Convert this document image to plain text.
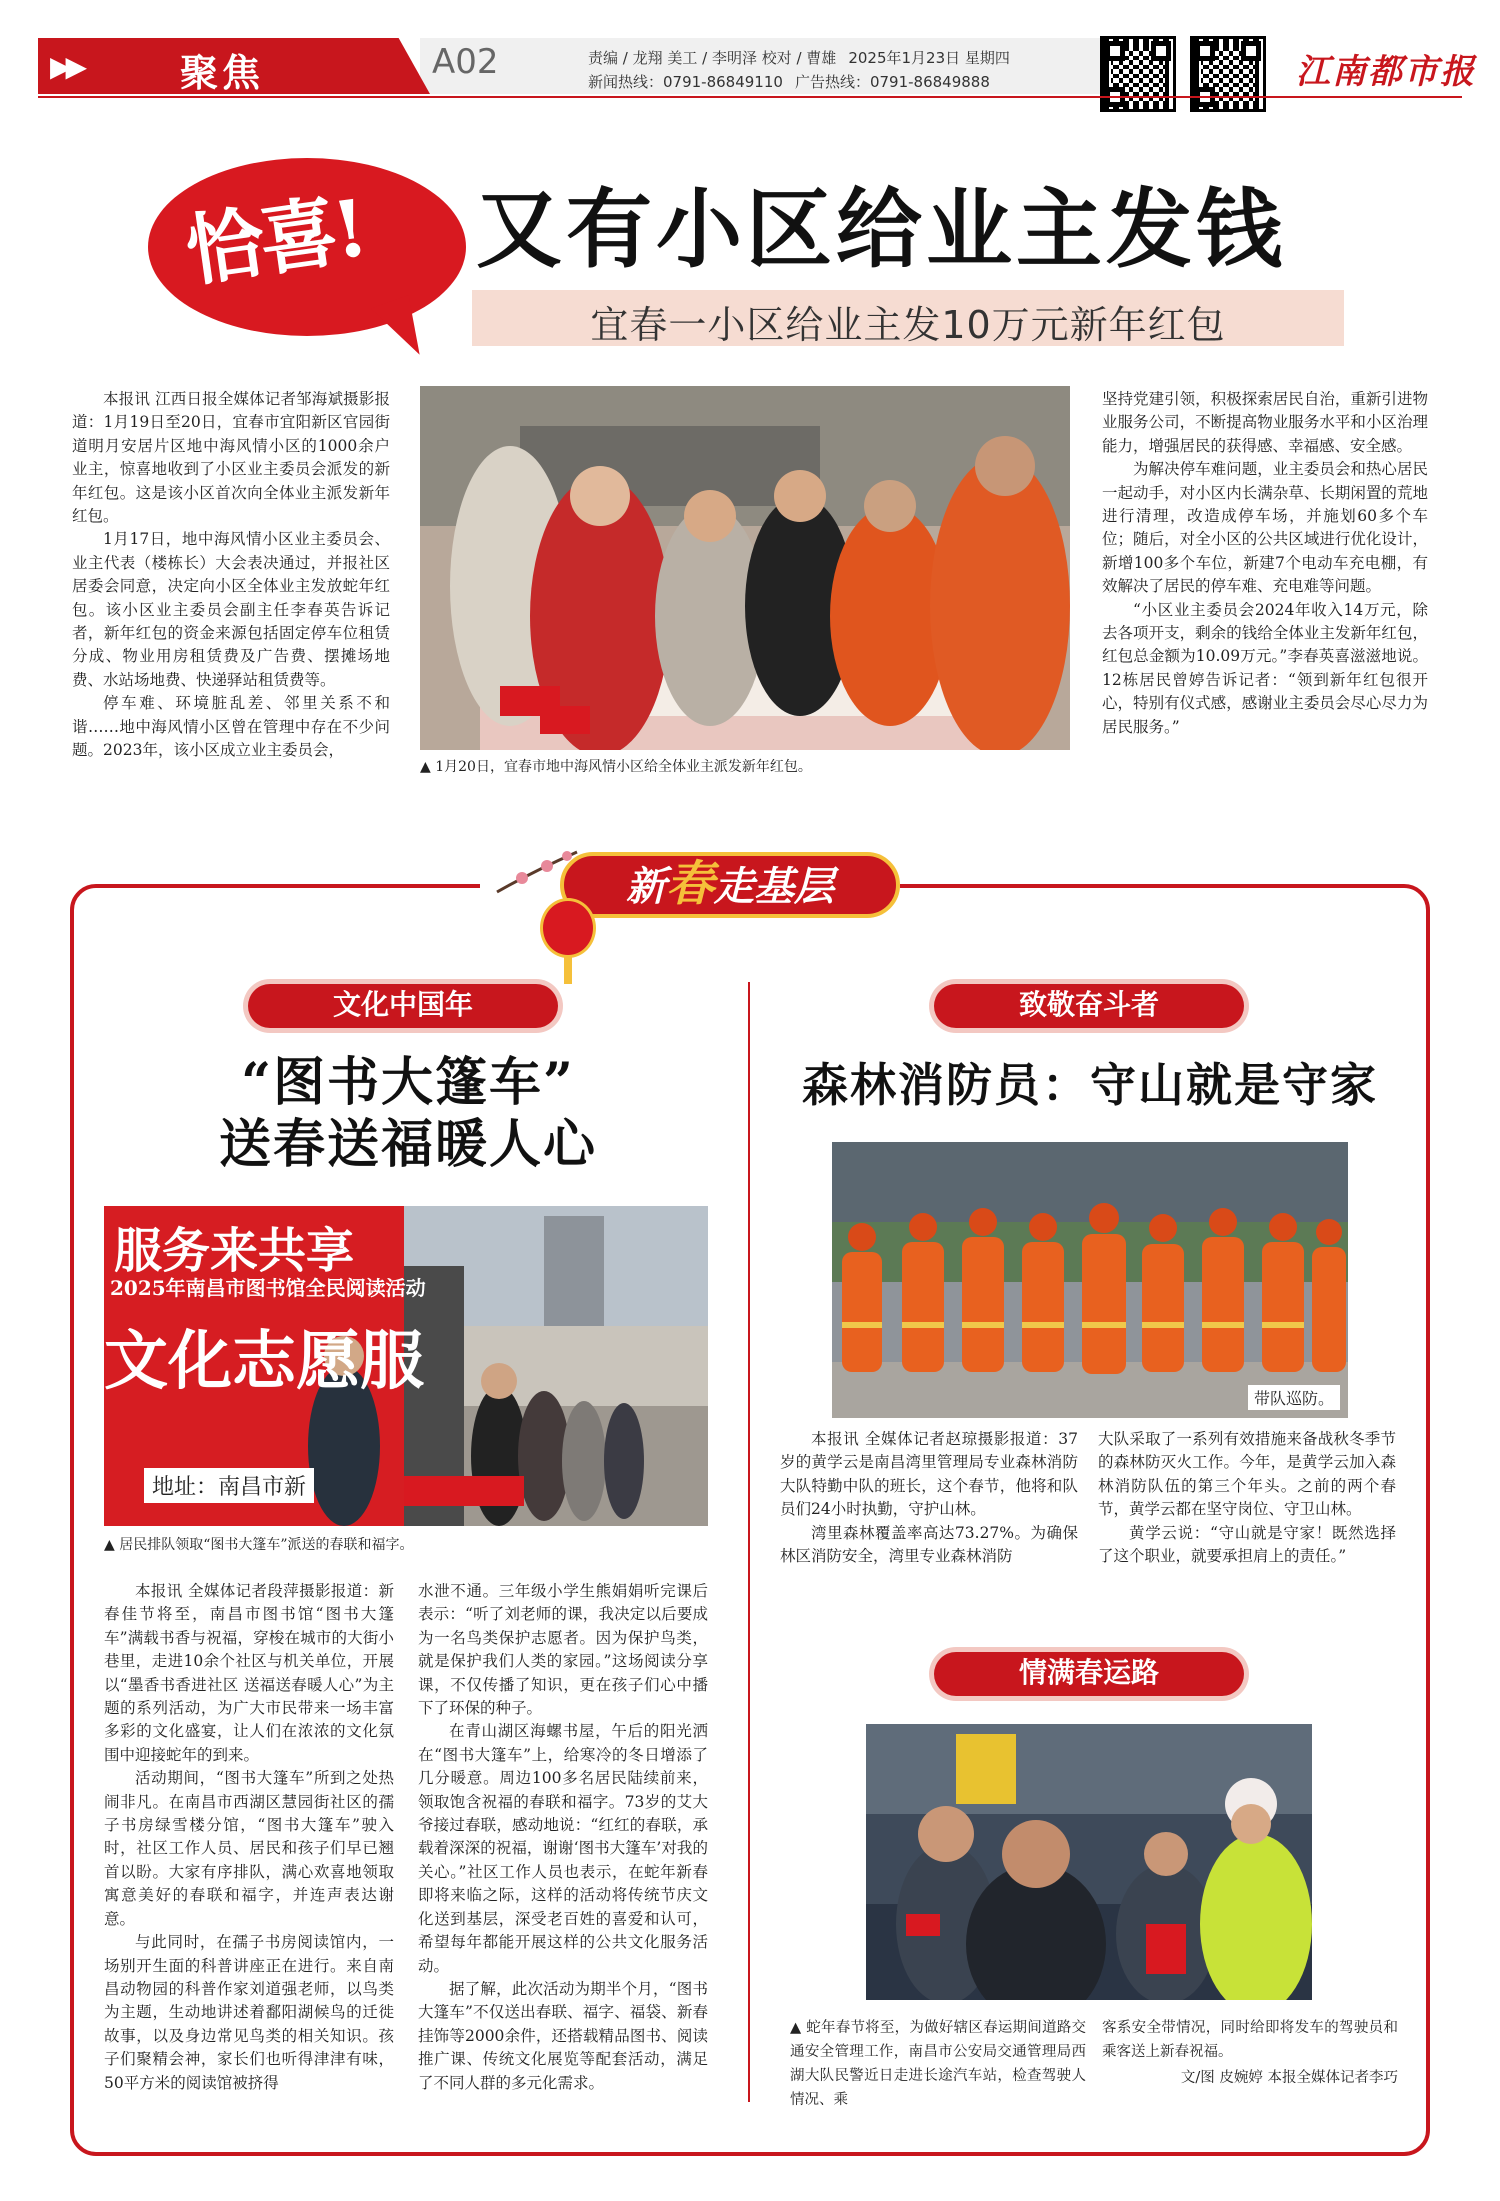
▶▶	聚焦	A02	责编 / 龙翔 美工 / 李明泽 校对 / 曹雄 2025年1月23日 星期四
新闻热线：0791-86849110 广告热线：0791-86849888	江南都市报
恰喜! 又有小区给业主发钱
宜春一小区给业主发10万元新年红包

本报讯 江西日报全媒体记者邹海斌摄影报道：1月19日至20日，宜春市宜阳新区官园街道明月安居片区地中海风情小区的1000余户业主，惊喜地收到了小区业主委员会派发的新年红包。这是该小区首次向全体业主派发新年红包。

1月17日，地中海风情小区业主委员会、业主代表（楼栋长）大会表决通过，并报社区居委会同意，决定向小区全体业主发放蛇年红包。该小区业主委员会副主任李春英告诉记者，新年红包的资金来源包括固定停车位租赁分成、物业用房租赁费及广告费、摆摊场地费、水站场地费、快递驿站租赁费等。

停车难、环境脏乱差、邻里关系不和谐……地中海风情小区曾在管理中存在不少问题。2023年，该小区成立业主委员会，

▲ 1月20日，宜春市地中海风情小区给全体业主派发新年红包。

坚持党建引领，积极探索居民自治，重新引进物业服务公司，不断提高物业服务水平和小区治理能力，增强居民的获得感、幸福感、安全感。

为解决停车难问题，业主委员会和热心居民一起动手，对小区内长满杂草、长期闲置的荒地进行清理，改造成停车场，并施划60多个车位；随后，对全小区的公共区域进行优化设计，新增100多个车位，新建7个电动车充电棚，有效解决了居民的停车难、充电难等问题。

“小区业主委员会2024年收入14万元，除去各项开支，剩余的钱给全体业主发新年红包，红包总金额为10.09万元。”李春英喜滋滋地说。12栋居民曾婷告诉记者：“领到新年红包很开心，特别有仪式感，感谢业主委员会尽心尽力为居民服务。”

新春走基层
文化中国年
“图书大篷车”
送春送福暖人心
服务来共享
2025年南昌市图书馆全民阅读活动
文化志愿服
地址：南昌市新
▲ 居民排队领取“图书大篷车”派送的春联和福字。

本报讯 全媒体记者段萍摄影报道：新春佳节将至，南昌市图书馆“图书大篷车”满载书香与祝福，穿梭在城市的大街小巷里，走进10余个社区与机关单位，开展以“墨香书香进社区 送福送春暖人心”为主题的系列活动，为广大市民带来一场丰富多彩的文化盛宴，让人们在浓浓的文化氛围中迎接蛇年的到来。

活动期间，“图书大篷车”所到之处热闹非凡。在南昌市西湖区慧园街社区的孺子书房绿雪楼分馆，“图书大篷车”驶入时，社区工作人员、居民和孩子们早已翘首以盼。大家有序排队，满心欢喜地领取寓意美好的春联和福字，并连声表达谢意。

与此同时，在孺子书房阅读馆内，一场别开生面的科普讲座正在进行。来自南昌动物园的科普作家刘道强老师，以鸟类为主题，生动地讲述着鄱阳湖候鸟的迁徙故事，以及身边常见鸟类的相关知识。孩子们聚精会神，家长们也听得津津有味，50平方米的阅读馆被挤得

水泄不通。三年级小学生熊娟娟听完课后表示：“听了刘老师的课，我决定以后要成为一名鸟类保护志愿者。因为保护鸟类，就是保护我们人类的家园。”这场阅读分享课，不仅传播了知识，更在孩子们心中播下了环保的种子。

在青山湖区海螺书屋，午后的阳光洒在“图书大篷车”上，给寒冷的冬日增添了几分暖意。周边100多名居民陆续前来，领取饱含祝福的春联和福字。73岁的艾大爷接过春联，感动地说：“红红的春联，承载着深深的祝福，谢谢‘图书大篷车’对我的关心。”社区工作人员也表示，在蛇年新春即将来临之际，这样的活动将传统节庆文化送到基层，深受老百姓的喜爱和认可，希望每年都能开展这样的公共文化服务活动。

据了解，此次活动为期半个月，“图书大篷车”不仅送出春联、福字、福袋、新春挂饰等2000余件，还搭载精品图书、阅读推广课、传统文化展览等配套活动，满足了不同人群的多元化需求。

致敬奋斗者
森林消防员：守山就是守家
带队巡防。

本报讯 全媒体记者赵琼摄影报道：37岁的黄学云是南昌湾里管理局专业森林消防大队特勤中队的班长，这个春节，他将和队员们24小时执勤，守护山林。

湾里森林覆盖率高达73.27%。为确保林区消防安全，湾里专业森林消防

大队采取了一系列有效措施来备战秋冬季节的森林防灭火工作。今年，是黄学云加入森林消防队伍的第三个年头。之前的两个春节，黄学云都在坚守岗位、守卫山林。

黄学云说：“守山就是守家！既然选择了这个职业，就要承担肩上的责任。”

情满春运路
▲ 蛇年春节将至，为做好辖区春运期间道路交通安全管理工作，南昌市公安局交通管理局西湖大队民警近日走进长途汽车站，检查驾驶人情况、乘
客系安全带情况，同时给即将发车的驾驶员和乘客送上新春祝福。
文/图 皮婉婷 本报全媒体记者李巧
